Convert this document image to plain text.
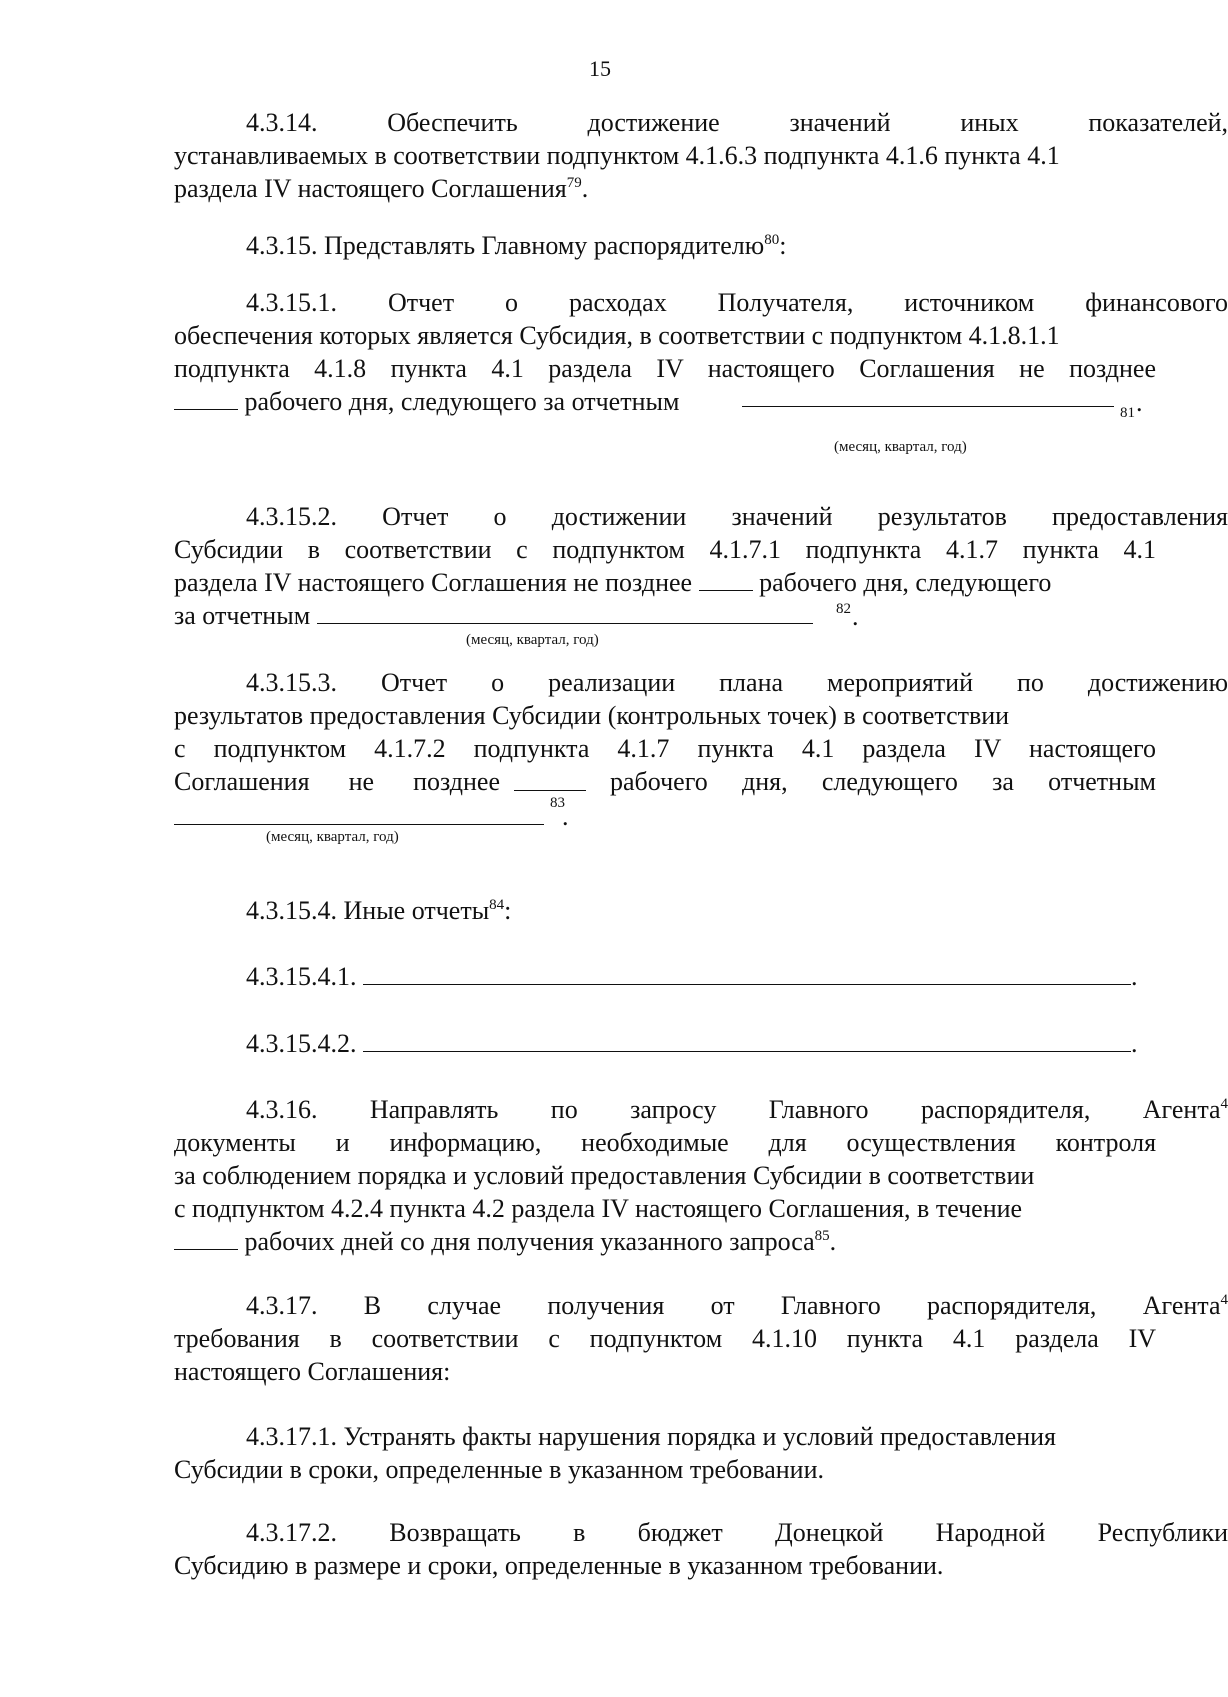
15
4.3.14. Обеспечить	достижение	значений	иных	показателей,
устанавливаемых в соответствии подпунктом 4.1.6.3 подпункта 4.1.6 пункта 4.1
раздела IV настоящего Соглашения$^{79}$.
4.3.15. Представлять Главному распорядителю$^{80}$:
4.3.15.1. Отчет о расходах Получателя, источником финансового
обеспечения которых является Субсидия, в соответствии с подпунктом 4.1.8.1.1
подпункта 4.1.8 пункта 4.1 раздела IV настоящего Соглашения не позднее
рабочего дня, следующего за отчетным	81 .
(месяц, квартал, год)
4.3.15.2. Отчет о достижении значений результатов предоставления
Субсидии в соответствии с подпунктом 4.1.7.1 подпункта 4.1.7 пункта 4.1
раздела IV настоящего Соглашения не позднее	рабочего дня, следующего
за отчетным	82 .
(месяц, квартал, год)
4.3.15.3. Отчет о реализации плана мероприятий по достижению
результатов предоставления Субсидии (контрольных точек) в соответствии
с подпунктом 4.1.7.2 подпункта 4.1.7 пункта 4.1 раздела IV настоящего
Соглашения не позднее
83
рабочего дня, следующего за отчетным
.
(месяц, квартал, год)
4.3.15.4. Иные отчеты$^{84}$:
4.3.15.4.1.	.
4.3.15.4.2.	.
4.3.16. Направлять по запросу Главного распорядителя, Агента$^4$
документы и информацию, необходимые для осуществления контроля
за соблюдением порядка и условий предоставления Субсидии в соответствии
с подпунктом 4.2.4 пункта 4.2 раздела IV настоящего Соглашения, в течение
рабочих дней со дня получения указанного запроса$^{85}$.
4.3.17. В случае получения от Главного распорядителя, Агента$^4$
требования в соответствии с подпунктом 4.1.10 пункта 4.1 раздела IV
настоящего Соглашения:
4.3.17.1. Устранять факты нарушения порядка и условий предоставления
Субсидии в сроки, определенные в указанном требовании.
4.3.17.2. Возвращать в бюджет Донецкой Народной Республики
Субсидию в размере и сроки, определенные в указанном требовании.
